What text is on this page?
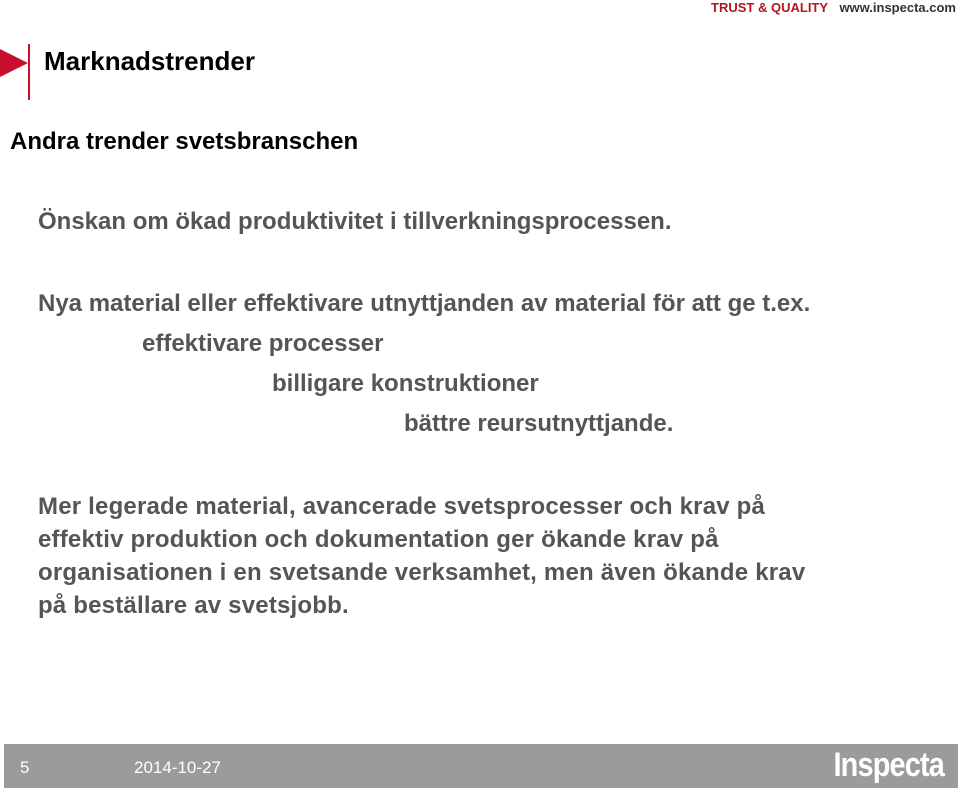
TRUST & QUALITY www.inspecta.com
Marknadstrender
Andra trender svetsbranschen
Önskan om ökad produktivitet i tillverkningsprocessen.
Nya material eller effektivare utnyttjanden av material för att ge t.ex.
effektivare processer
billigare konstruktioner
bättre reursutnyttjande.
Mer legerade material, avancerade svetsprocesser och krav på
effektiv produktion och dokumentation ger ökande krav på
organisationen i en svetsande verksamhet, men även ökande krav
på beställare av svetsjobb.
5	2014-10-27	Inspecta
